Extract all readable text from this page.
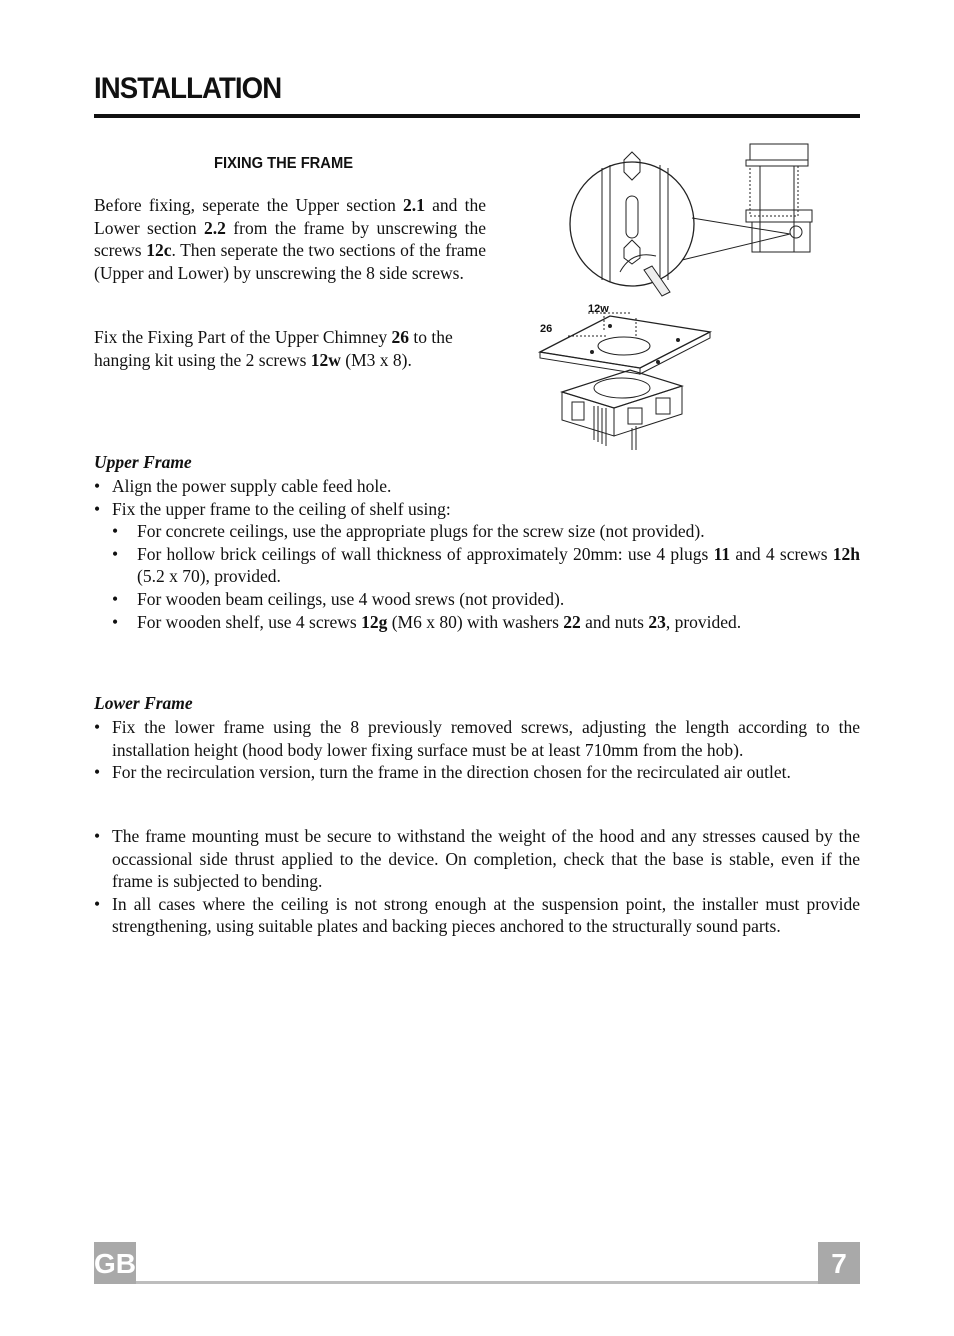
INSTALLATION
FIXING THE FRAME

Before fixing, seperate the Upper section 2.1 and the Lower section 2.2 from the frame by unscrewing the screws 12c. Then seperate the two sections of the frame (Upper and Lower) by unscrewing the 8 side screws.

Fix the Fixing Part of the Upper Chimney 26 to the hanging kit using the 2 screws 12w (M3 x 8).

12w
26
Upper Frame
• Align the power supply cable feed hole.
• Fix the upper frame to the ceiling of shelf using:
• For concrete ceilings, use the appropriate plugs for the screw size (not provided).
• For hollow brick ceilings of wall thickness of approximately 20mm: use 4 plugs 11 and 4 screws 12h (5.2 x 70), provided.
• For wooden beam ceilings, use 4 wood srews (not provided).
• For wooden shelf, use 4 screws 12g (M6 x 80) with washers 22 and nuts 23, provided.
Lower Frame
• Fix the lower frame using the 8 previously removed screws, adjusting the length according to the installation height (hood body lower fixing surface must be at least 710mm from the hob).
• For the recirculation version, turn the frame in the direction chosen for the recirculated air outlet.
• The frame mounting must be secure to withstand the weight of the hood and any stresses caused by the occassional side thrust applied to the device. On completion, check that the base is stable, even if the frame is subjected to bending.
• In all cases where the ceiling is not strong enough at the suspension point, the installer must provide strengthening, using suitable plates and backing pieces anchored to the structurally sound parts.
GB	7
